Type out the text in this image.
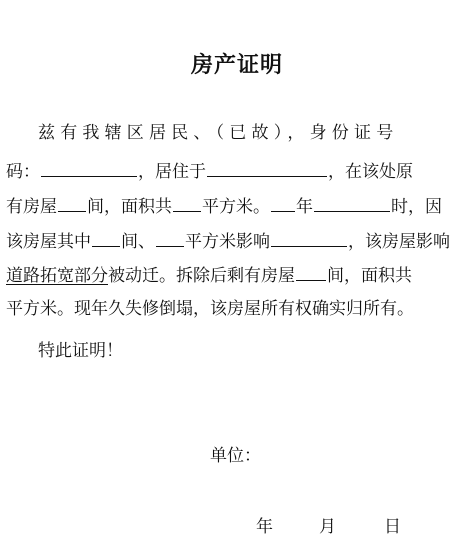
房产证明
兹有我辖区居民、（已故），身份证号
码：	，居住于	，在该处原
有房屋 间，面积共 平方米。 年	时，因
该房屋其中 间、 平方米影响	，该房屋影响
道路拓宽部分被动迁。拆除后剩有房屋 间，面积共
平方米。现年久失修倒塌，该房屋所有权确实归所有。
特此证明！
单位：
年	月	日
